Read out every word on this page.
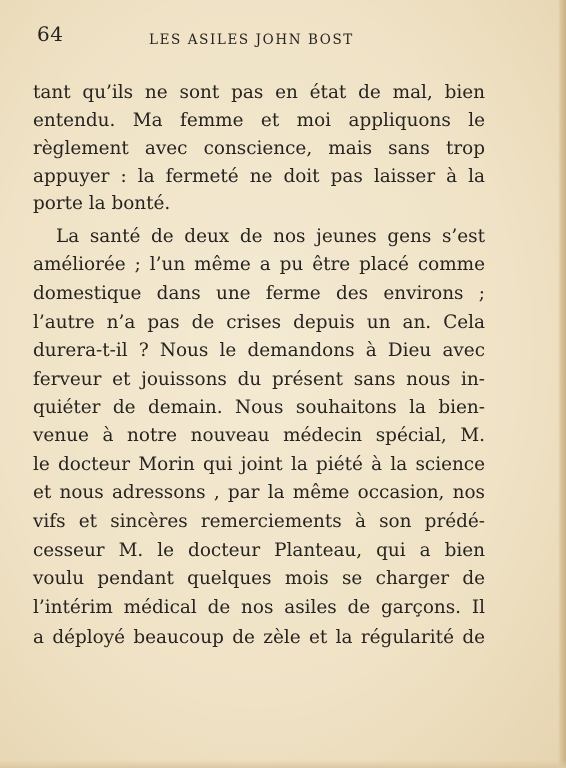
64	LES ASILES JOHN BOST
tant qu’ils ne sont pas en état de mal, bien
entendu. Ma femme et moi appliquons le
règlement avec conscience, mais sans trop
appuyer : la fermeté ne doit pas laisser à la
porte la bonté.
La santé de deux de nos jeunes gens s’est
améliorée ; l’un même a pu être placé comme
domestique dans une ferme des environs ;
l’autre n’a pas de crises depuis un an. Cela
durera-t-il ? Nous le demandons à Dieu avec
ferveur et jouissons du présent sans nous in-
quiéter de demain. Nous souhaitons la bien-
venue à notre nouveau médecin spécial, M.
le docteur Morin qui joint la piété à la science
et nous adressons , par la même occasion, nos
vifs et sincères remerciements à son prédé-
cesseur M. le docteur Planteau, qui a bien
voulu pendant quelques mois se charger de
l’intérim médical de nos asiles de garçons. Il
a déployé beaucoup de zèle et la régularité de
